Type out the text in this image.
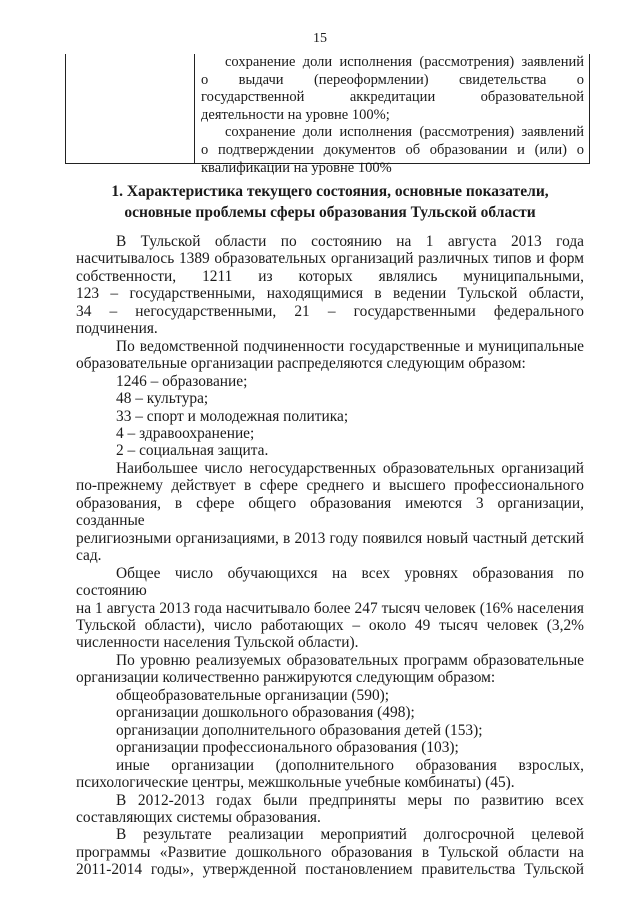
15
сохранение доли исполнения (рассмотрения) заявлений
о выдачи (переоформлении) свидетельства о
государственной аккредитации образовательной
деятельности на уровне 100%;
сохранение доли исполнения (рассмотрения) заявлений
о подтверждении документов об образовании и (или) о
квалификации на уровне 100%
1. Характеристика текущего состояния, основные показатели,
основные проблемы сферы образования Тульской области
В Тульской области по состоянию на 1 августа 2013 года
насчитывалось 1389 образовательных организаций различных типов и форм
собственности, 1211 из которых являлись муниципальными,
123 – государственными, находящимися в ведении Тульской области,
34 – негосударственными, 21 – государственными федерального подчинения.
По ведомственной подчиненности государственные и муниципальные
образовательные организации распределяются следующим образом:
1246 – образование;
48 – культура;
33 – спорт и молодежная политика;
4 – здравоохранение;
2 – социальная защита.
Наибольшее число негосударственных образовательных организаций
по-прежнему действует в сфере среднего и высшего профессионального
образования, в сфере общего образования имеются 3 организации, созданные
религиозными организациями, в 2013 году появился новый частный детский
сад.
Общее число обучающихся на всех уровнях образования по состоянию
на 1 августа 2013 года насчитывало более 247 тысяч человек (16% населения
Тульской области), число работающих – около 49 тысяч человек (3,2%
численности населения Тульской области).
По уровню реализуемых образовательных программ образовательные
организации количественно ранжируются следующим образом:
общеобразовательные организации (590);
организации дошкольного образования (498);
организации дополнительного образования детей (153);
организации профессионального образования (103);
иные организации (дополнительного образования взрослых,
психологические центры, межшкольные учебные комбинаты) (45).
В 2012-2013 годах были предприняты меры по развитию всех
составляющих системы образования.
В результате реализации мероприятий долгосрочной целевой
программы «Развитие дошкольного образования в Тульской области на
2011-2014 годы», утвержденной постановлением правительства Тульской
